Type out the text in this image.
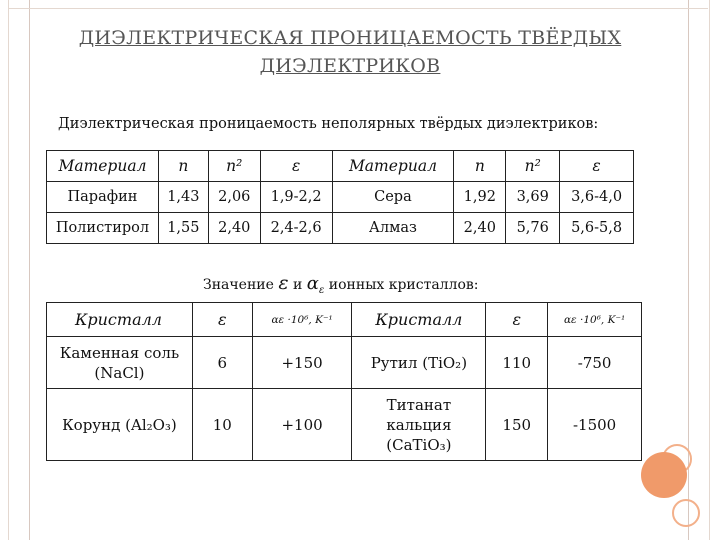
ДИЭЛЕКТРИЧЕСКАЯ ПРОНИЦАЕМОСТЬ ТВЁРДЫХ
ДИЭЛЕКТРИКОВ
Диэлектрическая проницаемость неполярных твёрдых диэлектриков:
Материал	n	n²	ε	Материал	n	n²	ε
Парафин	1,43	2,06	1,9-2,2	Сера	1,92	3,69	3,6-4,0
Полистирол	1,55	2,40	2,4-2,6	Алмаз	2,40	5,76	5,6-5,8
Значение ε и $\alpha_\varepsilon$ ионных кристаллов:
Кристалл	ε	αε ·10⁶, K⁻¹	Кристалл	ε	αε ·10⁶, K⁻¹
Каменная соль (NaCl)	6	+150	Рутил (TiO₂)	110	-750
Корунд (Al₂O₃)	10	+100	Титанат кальция (CaTiO₃)	150	-1500
